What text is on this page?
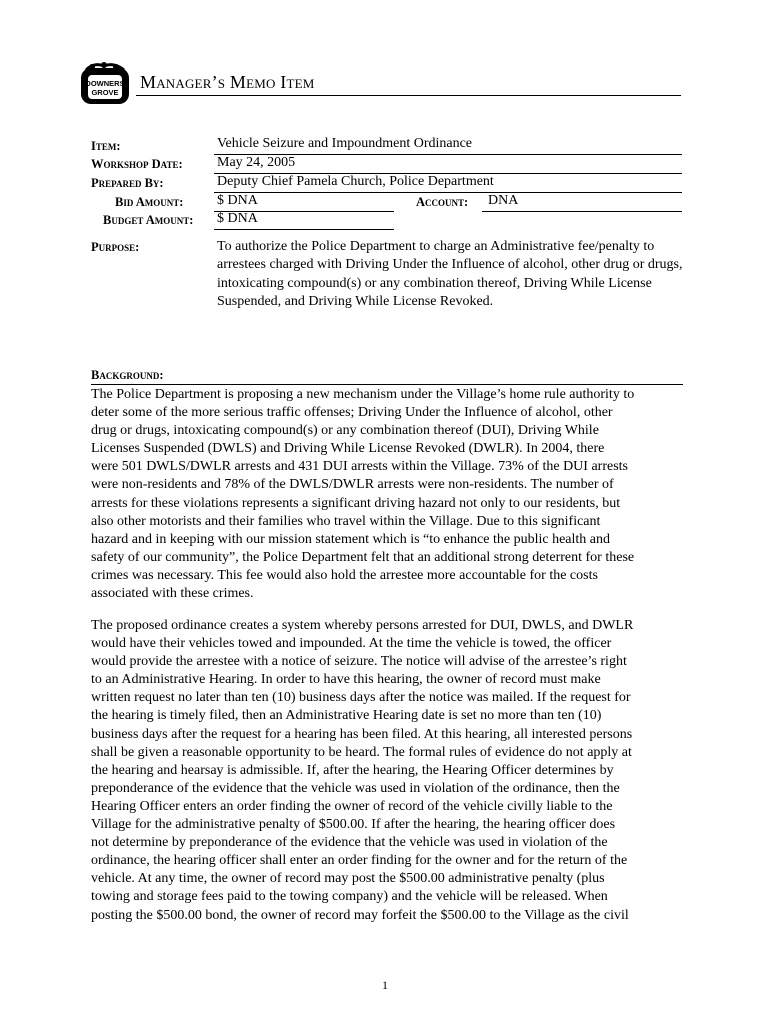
DOWNERS
GROVE
Manager’s Memo Item
Item:	Vehicle Seizure and Impoundment Ordinance
Workshop Date: May 24, 2005
Prepared By:	Deputy Chief Pamela Church, Police Department
Bid Amount: $ DNA	Account: DNA
Budget Amount: $ DNA
Purpose:	To authorize the Police Department to charge an Administrative fee/penalty to arrestees charged with Driving Under the Influence of alcohol, other drug or drugs, intoxicating compound(s) or any combination thereof, Driving While License Suspended, and Driving While License Revoked.
Background:
The Police Department is proposing a new mechanism under the Village’s home rule authority to
deter some of the more serious traffic offenses; Driving Under the Influence of alcohol, other
drug or drugs, intoxicating compound(s) or any combination thereof (DUI), Driving While
Licenses Suspended (DWLS) and Driving While License Revoked (DWLR). In 2004, there
were 501 DWLS/DWLR arrests and 431 DUI arrests within the Village. 73% of the DUI arrests
were non-residents and 78% of the DWLS/DWLR arrests were non-residents. The number of
arrests for these violations represents a significant driving hazard not only to our residents, but
also other motorists and their families who travel within the Village. Due to this significant
hazard and in keeping with our mission statement which is “to enhance the public health and
safety of our community”, the Police Department felt that an additional strong deterrent for these
crimes was necessary. This fee would also hold the arrestee more accountable for the costs
associated with these crimes.
The proposed ordinance creates a system whereby persons arrested for DUI, DWLS, and DWLR
would have their vehicles towed and impounded. At the time the vehicle is towed, the officer
would provide the arrestee with a notice of seizure. The notice will advise of the arrestee’s right
to an Administrative Hearing. In order to have this hearing, the owner of record must make
written request no later than ten (10) business days after the notice was mailed. If the request for
the hearing is timely filed, then an Administrative Hearing date is set no more than ten (10)
business days after the request for a hearing has been filed. At this hearing, all interested persons
shall be given a reasonable opportunity to be heard. The formal rules of evidence do not apply at
the hearing and hearsay is admissible. If, after the hearing, the Hearing Officer determines by
preponderance of the evidence that the vehicle was used in violation of the ordinance, then the
Hearing Officer enters an order finding the owner of record of the vehicle civilly liable to the
Village for the administrative penalty of $500.00. If after the hearing, the hearing officer does
not determine by preponderance of the evidence that the vehicle was used in violation of the
ordinance, the hearing officer shall enter an order finding for the owner and for the return of the
vehicle. At any time, the owner of record may post the $500.00 administrative penalty (plus
towing and storage fees paid to the towing company) and the vehicle will be released. When
posting the $500.00 bond, the owner of record may forfeit the $500.00 to the Village as the civil
1
